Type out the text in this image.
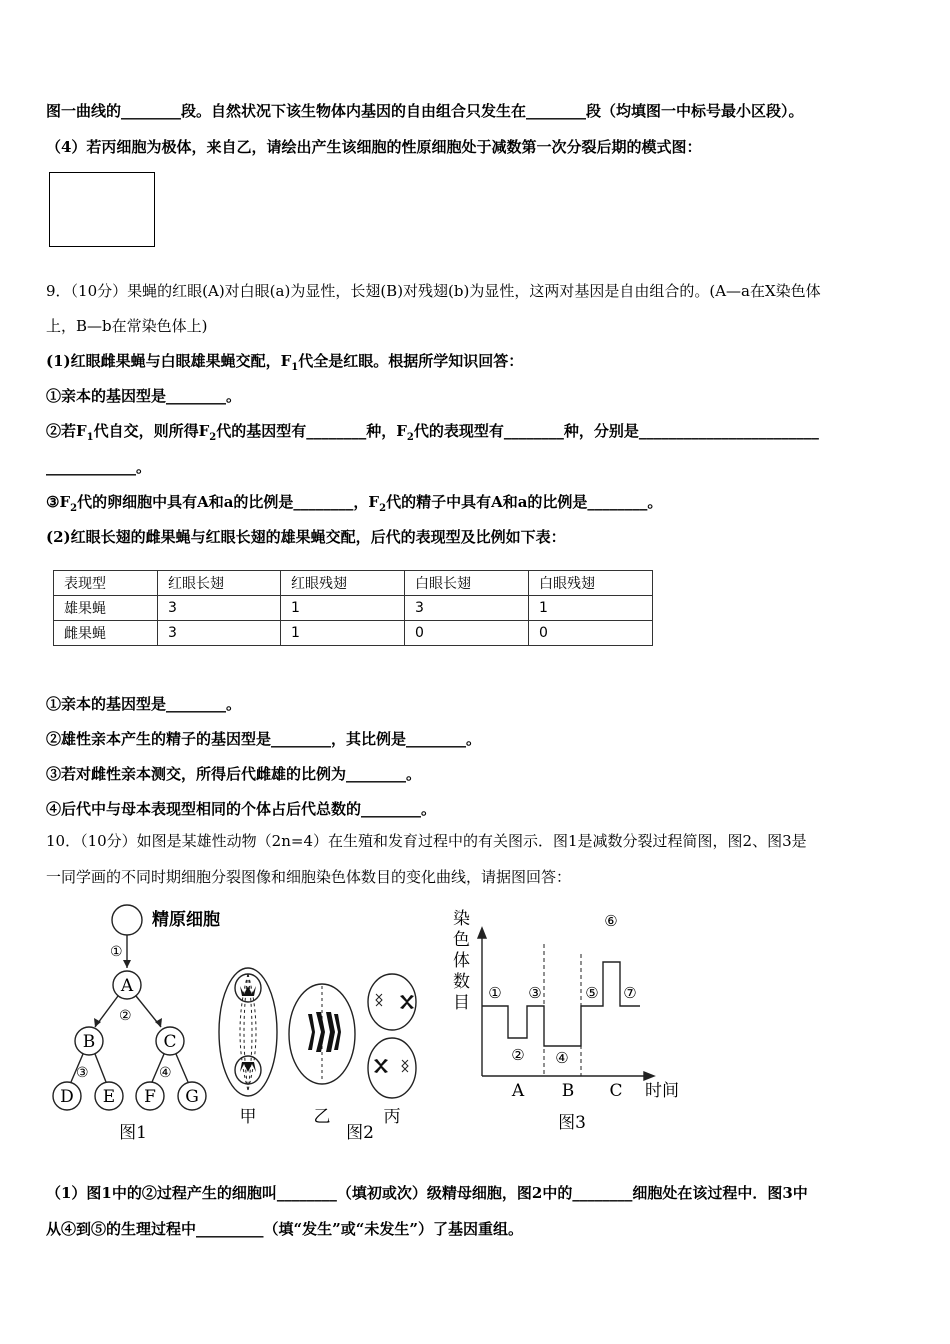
图一曲线的________段。自然状况下该生物体内基因的自由组合只发生在________段（均填图一中标号最小区段）。
（4）若丙细胞为极体，来自乙，请绘出产生该细胞的性原细胞处于减数第一次分裂后期的模式图：
9．（10分）果蝇的红眼(A)对白眼(a)为显性，长翅(B)对残翅(b)为显性，这两对基因是自由组合的。(A—a在X染色体
上，B—b在常染色体上)
(1)红眼雌果蝇与白眼雄果蝇交配，$F_1$代全是红眼。根据所学知识回答：
①亲本的基因型是________。
②若$F_1$代自交，则所得$F_2$代的基因型有________种，$F_2$代的表现型有________种，分别是________________________
____________。
$③F_2$代的卵细胞中具有A和a的比例是________，$F_2$代的精子中具有A和a的比例是________。
(2)红眼长翅的雌果蝇与红眼长翅的雄果蝇交配，后代的表现型及比例如下表：
表现型	红眼长翅	红眼残翅	白眼长翅	白眼残翅
雄果蝇	3	1	3	1
雌果蝇	3	1	0	0
①亲本的基因型是________。
②雄性亲本产生的精子的基因型是________，其比例是________。
③若对雌性亲本测交，所得后代雌雄的比例为________。
④后代中与母本表现型相同的个体占后代总数的________。
10．（10分）如图是某雄性动物（2n=4）在生殖和发育过程中的有关图示．图1是减数分裂过程简图，图2、图3是
一同学画的不同时期细胞分裂图像和细胞染色体数目的变化曲线，请据图回答：
精原细胞
①
②
③	④
A
B	C
D E F G
图1
甲	乙	丙
图2
染
色
体
数
目 ①
②
③
④
⑤
⑥
⑦
A B C 时间
图3
（1）图1中的②过程产生的细胞叫________（填初或次）级精母细胞，图2中的________细胞处在该过程中．图3中
从④到⑤的生理过程中_________（填“发生”或“未发生”）了基因重组。
